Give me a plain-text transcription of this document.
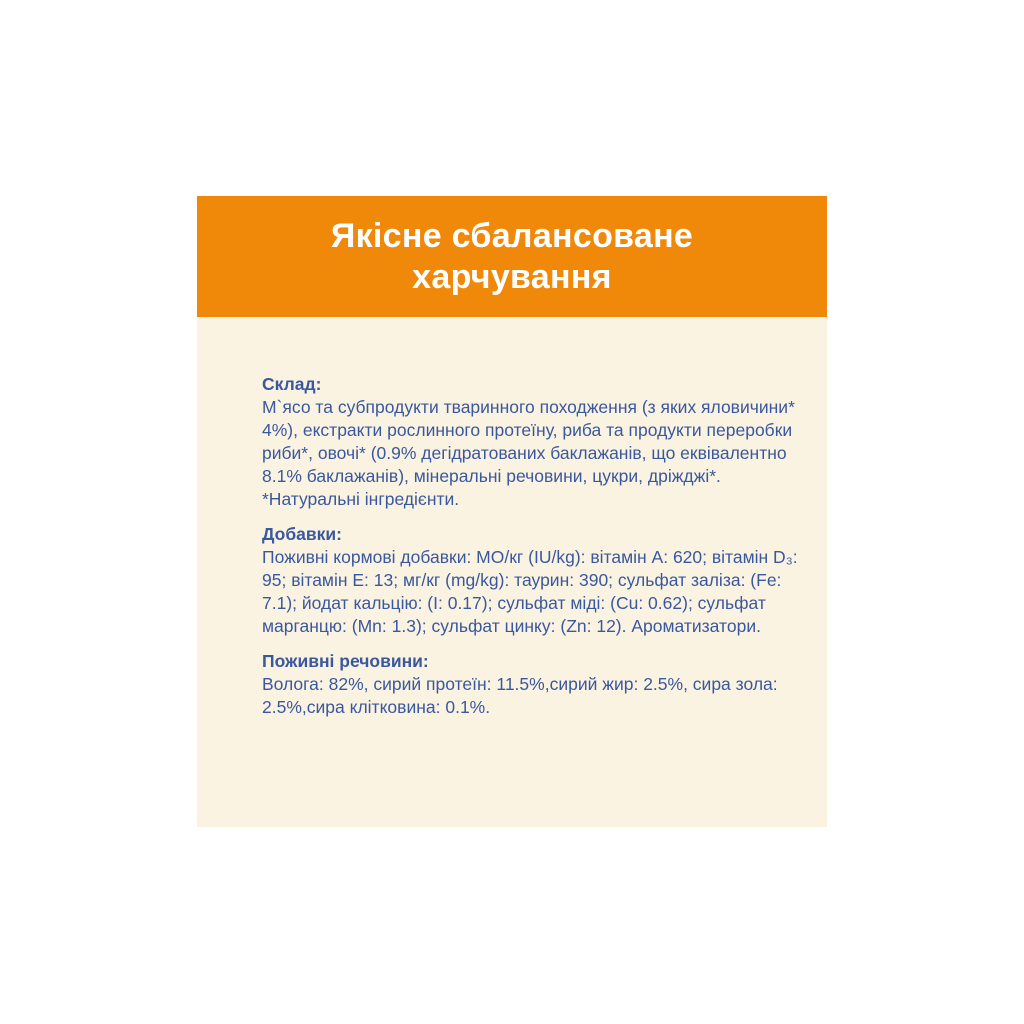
Якісне сбалансоване харчування

Склад:

М`ясо та субпродукти тваринного походження (з яких яловичини* 4%), екстракти рослинного протеїну, риба та продукти переробки риби*, овочі* (0.9% дегідратованих баклажанів, що еквівалентно 8.1% баклажанів), мінеральні речовини, цукри, дріжджі*.

*Натуральні інгредієнти.

Добавки:

Поживні кормові добавки: МО/кг (IU/kg): вітамін A: 620; вітамін D₃: 95; вітамін E: 13; мг/кг (mg/kg): таурин: 390; сульфат заліза: (Fe: 7.1); йодат кальцію: (I: 0.17); сульфат міді: (Cu: 0.62); сульфат марганцю: (Mn: 1.3); сульфат цинку: (Zn: 12). Ароматизатори.

Поживні речовини:

Волога: 82%, сирий протеїн: 11.5%,сирий жир: 2.5%, сира зола: 2.5%,сира клітковина: 0.1%.
